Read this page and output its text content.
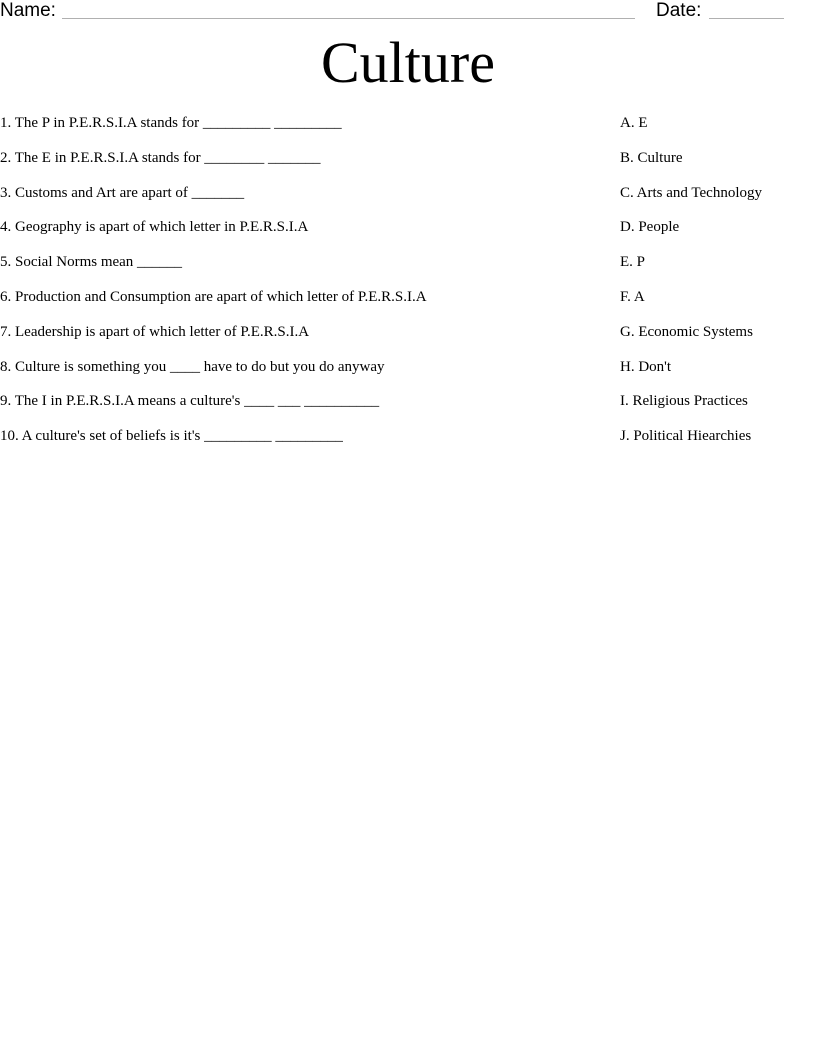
Name:	Date:
Culture
1. The P in P.E.R.S.I.A stands for _________ _________
2. The E in P.E.R.S.I.A stands for ________ _______
3. Customs and Art are apart of _______
4. Geography is apart of which letter in P.E.R.S.I.A
5. Social Norms mean ______
6. Production and Consumption are apart of which letter of P.E.R.S.I.A
7. Leadership is apart of which letter of P.E.R.S.I.A
8. Culture is something you ____ have to do but you do anyway
9. The I in P.E.R.S.I.A means a culture's ____ ___ __________
10. A culture's set of beliefs is it's _________ _________
A. E
B. Culture
C. Arts and Technology
D. People
E. P
F. A
G. Economic Systems
H. Don't
I. Religious Practices
J. Political Hiearchies
